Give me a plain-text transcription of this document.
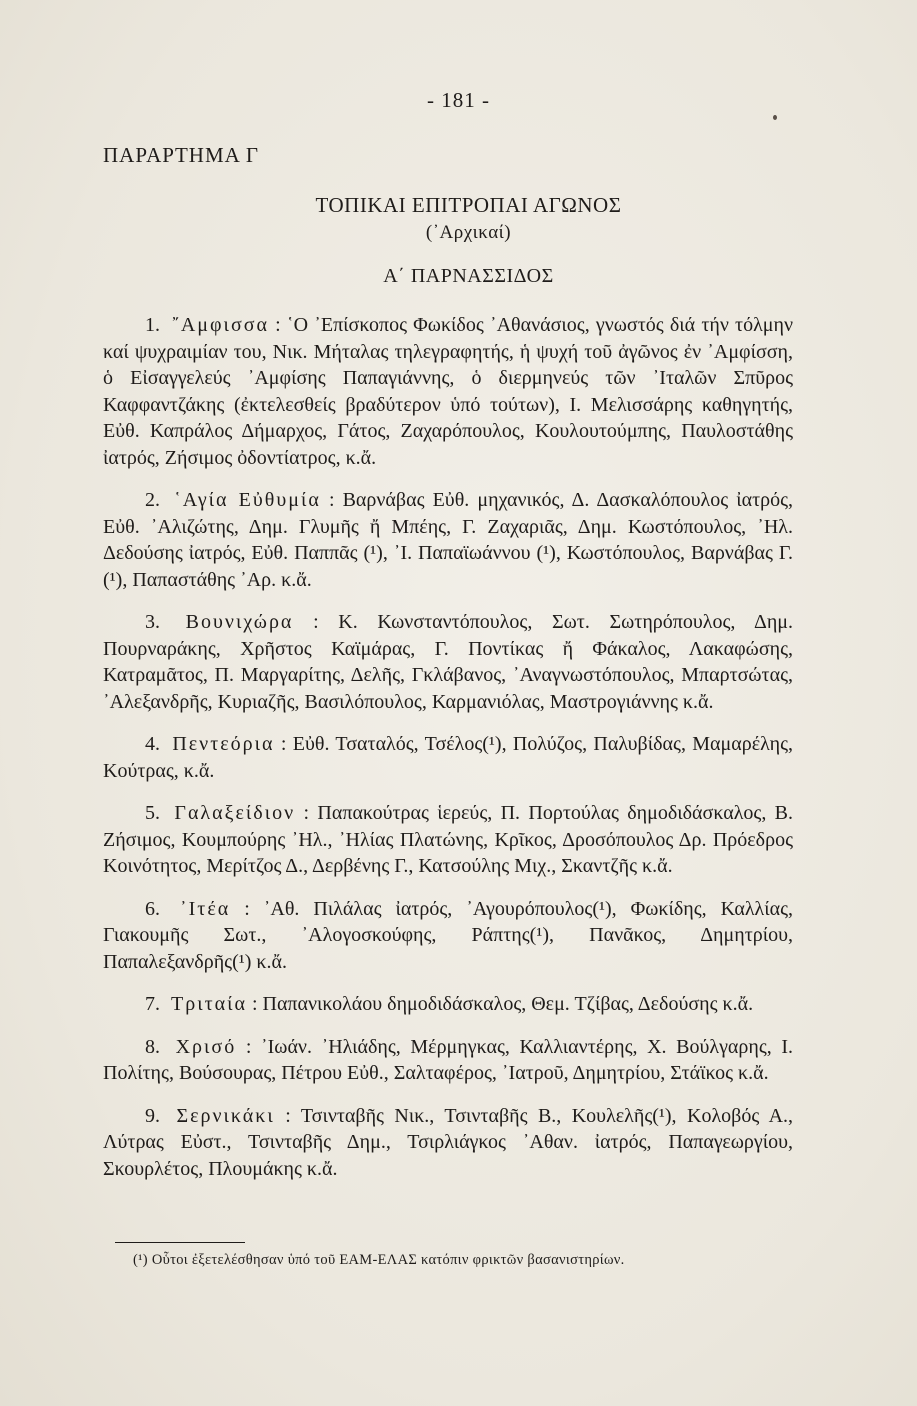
- 181 -
ΠΑΡΑΡΤΗΜΑ Γ
ΤΟΠΙΚΑΙ ΕΠΙΤΡΟΠΑΙ ΑΓΩΝΟΣ
(᾿Αρχικαί)
Α΄ ΠΑΡΝΑΣΣΙΔΟΣ

1. ῎Αμφισσα : ῾Ο ᾿Επίσκοπος Φωκίδος ᾿Αθανάσιος, γνωστός διά τήν τόλμην καί ψυχραιμίαν του, Νικ. Μήταλας τηλεγραφητής, ἡ ψυχή τοῦ ἀγῶνος ἐν ᾿Αμφίσση, ὁ Εἰσαγγελεύς ᾿Αμφίσης Παπαγιάννης, ὁ διερμηνεύς τῶν ᾿Ιταλῶν Σπῦρος Καφφαντζάκης (ἐκτελεσθείς βραδύτερον ὑπό τούτων), Ι. Μελισσάρης καθηγητής, Εὐθ. Καπράλος Δήμαρχος, Γάτος, Ζαχαρόπουλος, Κουλουτούμπης, Παυλοστάθης ἰατρός, Ζήσιμος ὀδοντίατρος, κ.ἄ.

2. ῾Αγία Εὐθυμία : Βαρνάβας Εὐθ. μηχανικός, Δ. Δασκαλόπουλος ἰατρός, Εὐθ. ᾿Αλιζώτης, Δημ. Γλυμῆς ἤ Μπέης, Γ. Ζαχαριᾶς, Δημ. Κωστόπουλος, ᾿Ηλ. Δεδούσης ἰατρός, Εὐθ. Παππᾶς (¹), ᾿Ι. Παπαϊωάννου (¹), Κωστόπουλος, Βαρνάβας Γ. (¹), Παπαστάθης ᾿Αρ. κ.ἄ.

3. Βουνιχώρα : Κ. Κωνσταντόπουλος, Σωτ. Σωτηρόπουλος, Δημ. Πουρναράκης, Χρῆστος Καϊμάρας, Γ. Ποντίκας ἤ Φάκαλος, Λακαφώσης, Κατραμᾶτος, Π. Μαργαρίτης, Δελῆς, Γκλάβανος, ᾿Αναγνωστόπουλος, Μπαρτσώτας, ᾿Αλεξανδρῆς, Κυριαζῆς, Βασιλόπουλος, Καρμανιόλας, Μαστρογιάννης κ.ἄ.

4. Πεντεόρια : Εὐθ. Τσαταλός, Τσέλος(¹), Πολύζος, Παλυβίδας, Μαμαρέλης, Κούτρας, κ.ἄ.

5. Γαλαξείδιον : Παπακούτρας ἱερεύς, Π. Πορτούλας δημοδιδάσκαλος, Β. Ζήσιμος, Κουμπούρης ᾿Ηλ., ᾿Ηλίας Πλατώνης, Κρῖκος, Δροσόπουλος Δρ. Πρόεδρος Κοινότητος, Μερίτζος Δ., Δερβένης Γ., Κατσούλης Μιχ., Σκαντζῆς κ.ἄ.

6. ᾿Ιτέα : ᾿Αθ. Πιλάλας ἰατρός, ᾿Αγουρόπουλος(¹), Φωκίδης, Καλλίας, Γιακουμῆς Σωτ., ᾿Αλογοσκούφης, Ράπτης(¹), Πανᾶκος, Δημητρίου, Παπαλεξανδρῆς(¹) κ.ἄ.

7. Τριταία : Παπανικολάου δημοδιδάσκαλος, Θεμ. Τζίβας, Δεδούσης κ.ἄ.

8. Χρισό : ᾿Ιωάν. ᾿Ηλιάδης, Μέρμηγκας, Καλλιαντέρης, Χ. Βούλγαρης, Ι. Πολίτης, Βούσουρας, Πέτρου Εὐθ., Σαλταφέρος, ᾿Ιατροῦ, Δημητρίου, Στάϊκος κ.ἄ.

9. Σερνικάκι : Τσινταβῆς Νικ., Τσινταβῆς Β., Κουλελῆς(¹), Κολοβός Α., Λύτρας Εὐστ., Τσινταβῆς Δημ., Τσιρλιάγκος ᾿Αθαν. ἰατρός, Παπαγεωργίου, Σκουρλέτος, Πλουμάκης κ.ἄ.

(¹) Οὗτοι ἐξετελέσθησαν ὑπό τοῦ ΕΑΜ-ΕΛΑΣ κατόπιν φρικτῶν βασανιστηρίων.
